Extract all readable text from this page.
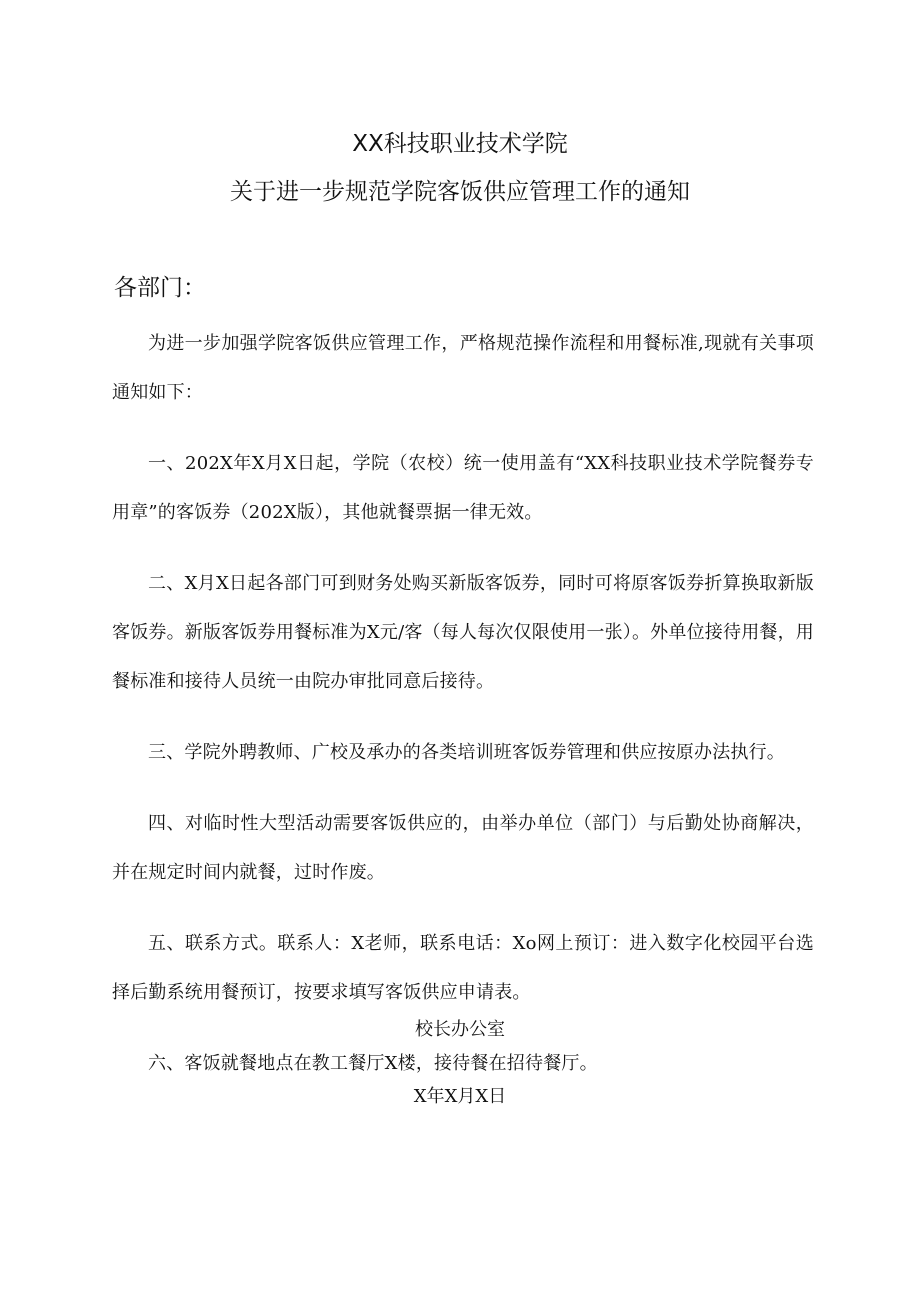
XX科技职业技术学院
关于进一步规范学院客饭供应管理工作的通知
各部门：

为进一步加强学院客饭供应管理工作，严格规范操作流程和用餐标准,现就有关事项通知如下：

一、202X年X月X日起，学院（农校）统一使用盖有“XX科技职业技术学院餐券专用章”的客饭券（202X版），其他就餐票据一律无效。

二、X月X日起各部门可到财务处购买新版客饭券，同时可将原客饭券折算换取新版客饭券。新版客饭券用餐标准为X元/客（每人每次仅限使用一张）。外单位接待用餐，用餐标准和接待人员统一由院办审批同意后接待。

三、学院外聘教师、广校及承办的各类培训班客饭券管理和供应按原办法执行。

四、对临时性大型活动需要客饭供应的，由举办单位（部门）与后勤处协商解决，并在规定时间内就餐，过时作废。

五、联系方式。联系人：X老师，联系电话：Xo网上预订：进入数字化校园平台选择后勤系统用餐预订，按要求填写客饭供应申请表。

六、客饭就餐地点在教工餐厅X楼，接待餐在招待餐厅。

校长办公室
X年X月X日
